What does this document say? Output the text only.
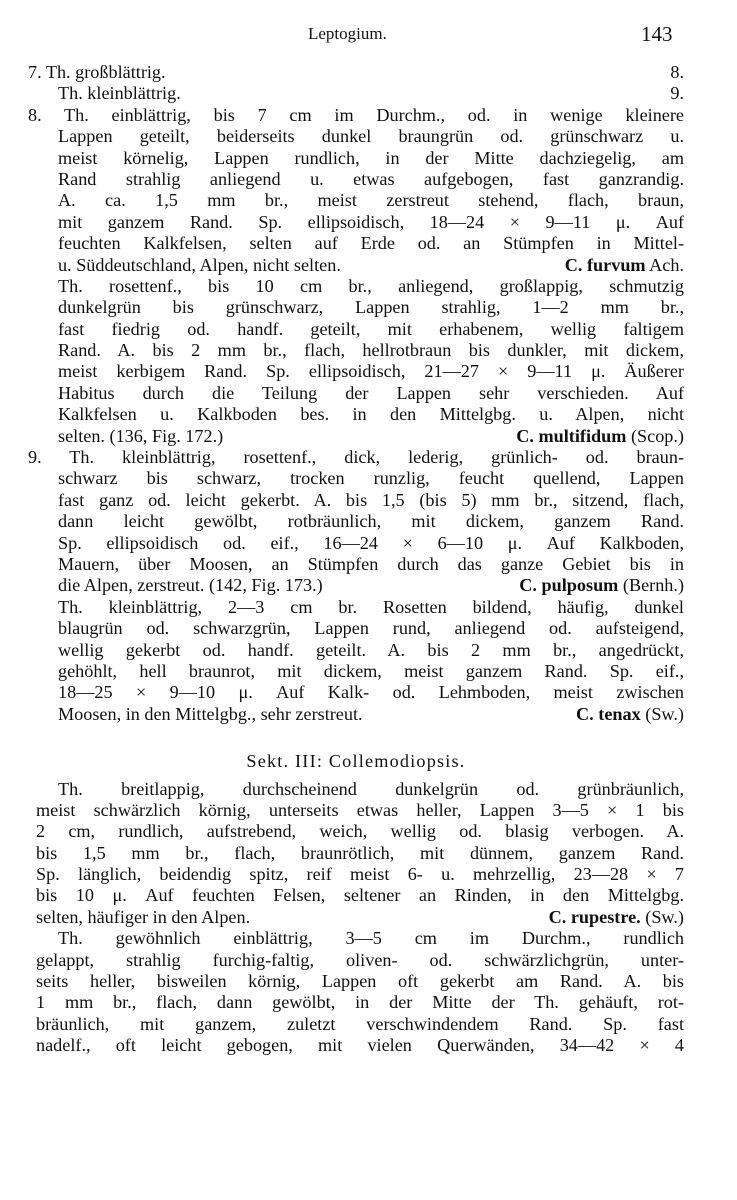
Leptogium.	143
7. Th. großblättrig.	8.
Th. kleinblättrig.	9.
8. Th. einblättrig, bis 7 cm im Durchm., od. in wenige kleinere
Lappen geteilt, beiderseits dunkel braungrün od. grünschwarz u.
meist körnelig, Lappen rundlich, in der Mitte dachziegelig, am
Rand strahlig anliegend u. etwas aufgebogen, fast ganzrandig.
A. ca. 1,5 mm br., meist zerstreut stehend, flach, braun,
mit ganzem Rand. Sp. ellipsoidisch, 18—24 × 9—11 μ. Auf
feuchten Kalkfelsen, selten auf Erde od. an Stümpfen in Mittel-
u. Süddeutschland, Alpen, nicht selten.	C. furvum Ach.
Th. rosettenf., bis 10 cm br., anliegend, großlappig, schmutzig
dunkelgrün bis grünschwarz, Lappen strahlig, 1—2 mm br.,
fast fiedrig od. handf. geteilt, mit erhabenem, wellig faltigem
Rand. A. bis 2 mm br., flach, hellrotbraun bis dunkler, mit dickem,
meist kerbigem Rand. Sp. ellipsoidisch, 21—27 × 9—11 μ. Äußerer
Habitus durch die Teilung der Lappen sehr verschieden. Auf
Kalkfelsen u. Kalkboden bes. in den Mittelgbg. u. Alpen, nicht
selten. (136, Fig. 172.)	C. multifidum (Scop.)
9. Th. kleinblättrig, rosettenf., dick, lederig, grünlich- od. braun-
schwarz bis schwarz, trocken runzlig, feucht quellend, Lappen
fast ganz od. leicht gekerbt. A. bis 1,5 (bis 5) mm br., sitzend, flach,
dann leicht gewölbt, rotbräunlich, mit dickem, ganzem Rand.
Sp. ellipsoidisch od. eif., 16—24 × 6—10 μ. Auf Kalkboden,
Mauern, über Moosen, an Stümpfen durch das ganze Gebiet bis in
die Alpen, zerstreut. (142, Fig. 173.)	C. pulposum (Bernh.)
Th. kleinblättrig, 2—3 cm br. Rosetten bildend, häufig, dunkel
blaugrün od. schwarzgrün, Lappen rund, anliegend od. aufsteigend,
wellig gekerbt od. handf. geteilt. A. bis 2 mm br., angedrückt,
gehöhlt, hell braunrot, mit dickem, meist ganzem Rand. Sp. eif.,
18—25 × 9—10 μ. Auf Kalk- od. Lehmboden, meist zwischen
Moosen, in den Mittelgbg., sehr zerstreut.	C. tenax (Sw.)
Sekt. III: Collemodiopsis.
Th. breitlappig, durchscheinend dunkelgrün od. grünbräunlich,
meist schwärzlich körnig, unterseits etwas heller, Lappen 3—5 × 1 bis
2 cm, rundlich, aufstrebend, weich, wellig od. blasig verbogen. A.
bis 1,5 mm br., flach, braunrötlich, mit dünnem, ganzem Rand.
Sp. länglich, beidendig spitz, reif meist 6- u. mehrzellig, 23—28 × 7
bis 10 μ. Auf feuchten Felsen, seltener an Rinden, in den Mittelgbg.
selten, häufiger in den Alpen.	C. rupestre. (Sw.)
Th. gewöhnlich einblättrig, 3—5 cm im Durchm., rundlich
gelappt, strahlig furchig-faltig, oliven- od. schwärzlichgrün, unter-
seits heller, bisweilen körnig, Lappen oft gekerbt am Rand. A. bis
1 mm br., flach, dann gewölbt, in der Mitte der Th. gehäuft, rot-
bräunlich, mit ganzem, zuletzt verschwindendem Rand. Sp. fast
nadelf., oft leicht gebogen, mit vielen Querwänden, 34—42 × 4
